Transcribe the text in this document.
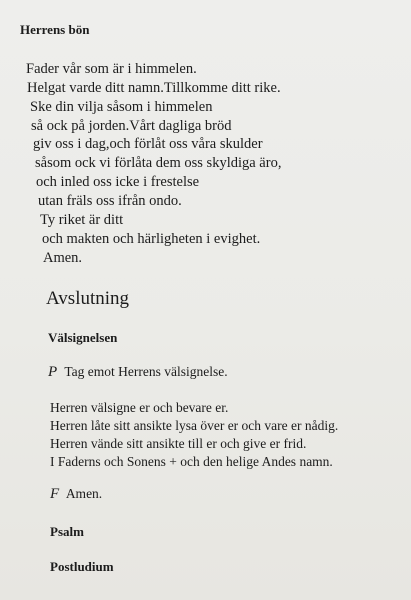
Herrens bön

Fader vår som är i himmelen.

Helgat varde ditt namn.Tillkomme ditt rike.

Ske din vilja såsom i himmelen

så ock på jorden.Vårt dagliga bröd

giv oss i dag,och förlåt oss våra skulder

såsom ock vi förlåta dem oss skyldiga äro,

och inled oss icke i frestelse

utan fräls oss ifrån ondo.

Ty riket är ditt

och makten och härligheten i evighet.

Amen.

Avslutning
Välsignelsen

P Tag emot Herrens välsignelse.

Herren välsigne er och bevare er.

Herren låte sitt ansikte lysa över er och vare er nådig.

Herren vände sitt ansikte till er och give er frid.

I Faderns och Sonens + och den helige Andes namn.

F Amen.

Psalm
Postludium
